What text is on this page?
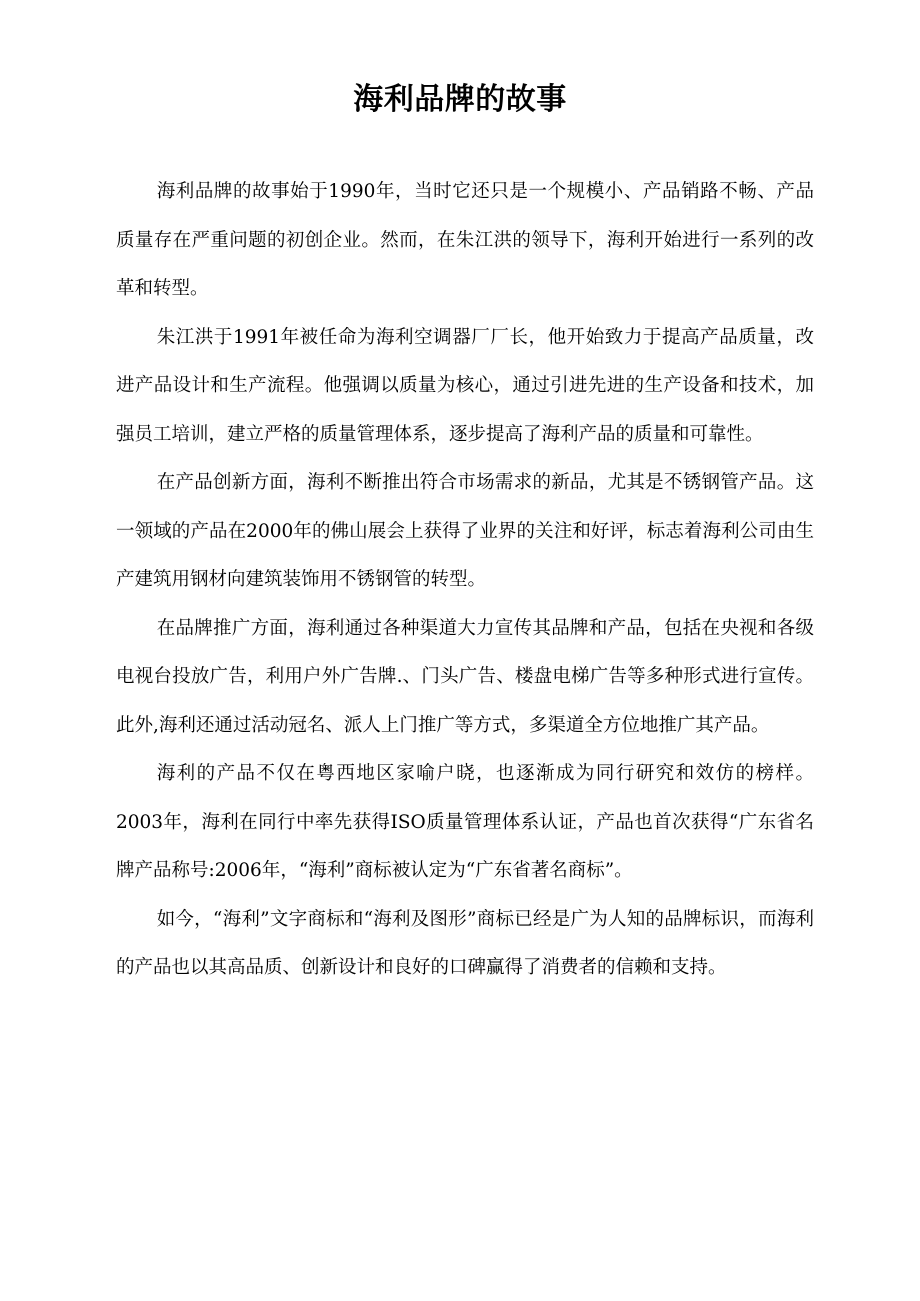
海利品牌的故事

海利品牌的故事始于1990年，当时它还只是一个规模小、产品销路不畅、产品质量存在严重问题的初创企业。然而，在朱江洪的领导下，海利开始进行一系列的改革和转型。

朱江洪于1991年被任命为海利空调器厂厂长，他开始致力于提高产品质量，改进产品设计和生产流程。他强调以质量为核心，通过引进先进的生产设备和技术，加强员工培训，建立严格的质量管理体系，逐步提高了海利产品的质量和可靠性。

在产品创新方面，海利不断推出符合市场需求的新品，尤其是不锈钢管产品。这一领域的产品在2000年的佛山展会上获得了业界的关注和好评，标志着海利公司由生产建筑用钢材向建筑装饰用不锈钢管的转型。

在品牌推广方面，海利通过各种渠道大力宣传其品牌和产品，包括在央视和各级电视台投放广告，利用户外广告牌.、门头广告、楼盘电梯广告等多种形式进行宣传。此外,海利还通过活动冠名、派人上门推广等方式，多渠道全方位地推广其产品。

海利的产品不仅在粤西地区家喻户晓，也逐渐成为同行研究和效仿的榜样。2003年，海利在同行中率先获得ISO质量管理体系认证，产品也首次获得“广东省名牌产品称号:2006年，“海利”商标被认定为“广东省著名商标”。

如今，“海利”文字商标和“海利及图形”商标已经是广为人知的品牌标识，而海利的产品也以其高品质、创新设计和良好的口碑赢得了消费者的信赖和支持。
